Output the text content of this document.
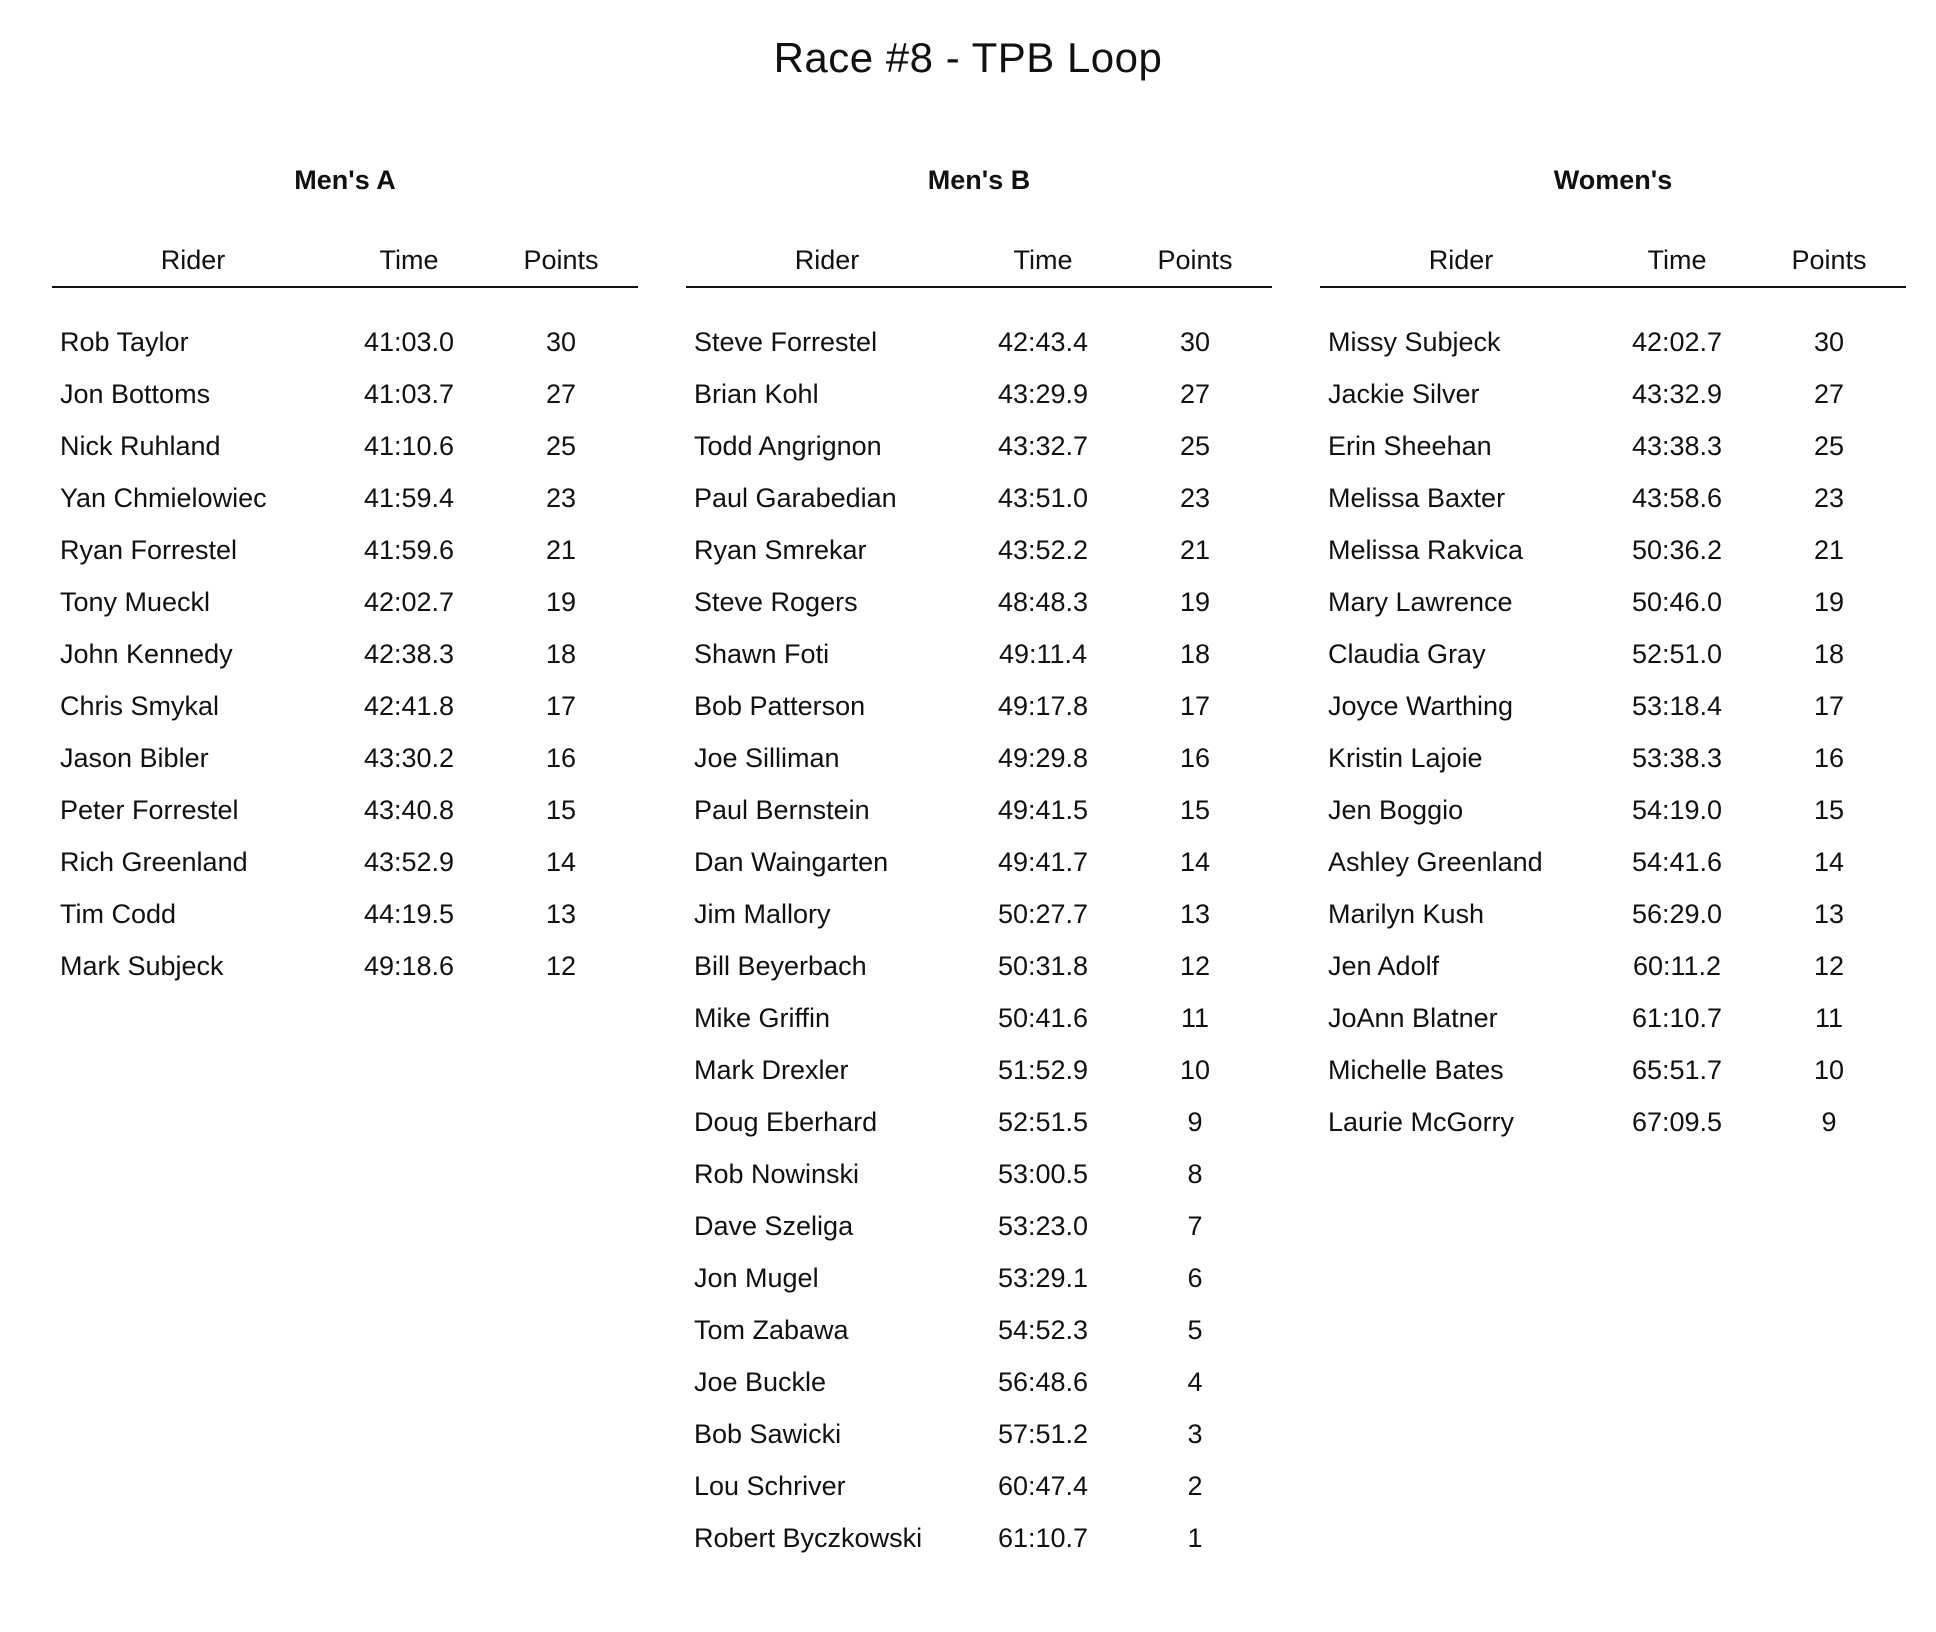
Race #8 - TPB Loop
Men's A
Rider	Time	Points
Rob Taylor	41:03.0	30
Jon Bottoms	41:03.7	27
Nick Ruhland	41:10.6	25
Yan Chmielowiec	41:59.4	23
Ryan Forrestel	41:59.6	21
Tony Mueckl	42:02.7	19
John Kennedy	42:38.3	18
Chris Smykal	42:41.8	17
Jason Bibler	43:30.2	16
Peter Forrestel	43:40.8	15
Rich Greenland	43:52.9	14
Tim Codd	44:19.5	13
Mark Subjeck	49:18.6	12
Men's B
Rider	Time	Points
Steve Forrestel	42:43.4	30
Brian Kohl	43:29.9	27
Todd Angrignon	43:32.7	25
Paul Garabedian	43:51.0	23
Ryan Smrekar	43:52.2	21
Steve Rogers	48:48.3	19
Shawn Foti	49:11.4	18
Bob Patterson	49:17.8	17
Joe Silliman	49:29.8	16
Paul Bernstein	49:41.5	15
Dan Waingarten	49:41.7	14
Jim Mallory	50:27.7	13
Bill Beyerbach	50:31.8	12
Mike Griffin	50:41.6	11
Mark Drexler	51:52.9	10
Doug Eberhard	52:51.5	9
Rob Nowinski	53:00.5	8
Dave Szeliga	53:23.0	7
Jon Mugel	53:29.1	6
Tom Zabawa	54:52.3	5
Joe Buckle	56:48.6	4
Bob Sawicki	57:51.2	3
Lou Schriver	60:47.4	2
Robert Byczkowski	61:10.7	1
Women's
Rider	Time	Points
Missy Subjeck	42:02.7	30
Jackie Silver	43:32.9	27
Erin Sheehan	43:38.3	25
Melissa Baxter	43:58.6	23
Melissa Rakvica	50:36.2	21
Mary Lawrence	50:46.0	19
Claudia Gray	52:51.0	18
Joyce Warthing	53:18.4	17
Kristin Lajoie	53:38.3	16
Jen Boggio	54:19.0	15
Ashley Greenland	54:41.6	14
Marilyn Kush	56:29.0	13
Jen Adolf	60:11.2	12
JoAnn Blatner	61:10.7	11
Michelle Bates	65:51.7	10
Laurie McGorry	67:09.5	9
